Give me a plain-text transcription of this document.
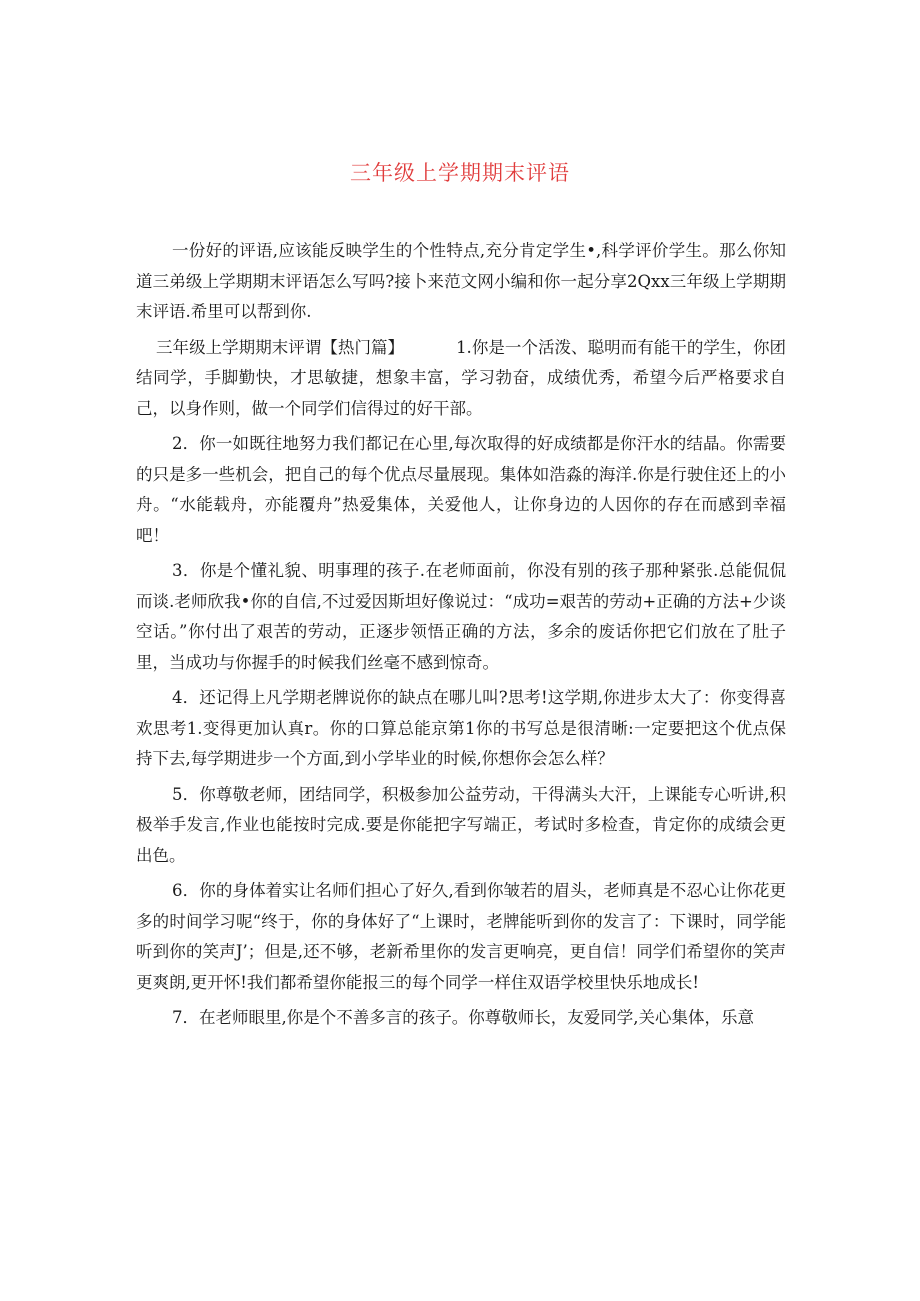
三年级上学期期末评语

一份好的评语,应该能反映学生的个性特点,充分肯定学生•,科学评价学生。那么你知道三弟级上学期期末评语怎么写吗?接卜来范文网小编和你一起分享2Qxx三年级上学期期末评语.希里可以帮到你.

三年级上学期期末评谓【热门篇】	1.你是一个活泼、聪明而有能干的学生，你团结同学，手脚勤快，才思敏捷，想象丰富，学习勃奋，成绩优秀，希望今后严格要求自己，以身作则，做一个同学们信得过的好干部。

2．你一如既往地努力我们都记在心里,每次取得的好成绩都是你汗水的结晶。你需要的只是多一些机会，把自己的每个优点尽量展现。集体如浩淼的海洋.你是行驶住还上的小舟。“水能载舟，亦能覆舟”热爱集体，关爱他人，让你身边的人因你的存在而感到幸福吧！

3．你是个懂礼貌、明事理的孩子.在老师面前，你没有别的孩子那种紧张.总能侃侃而谈.老师欣我•你的自信,不过爱因斯坦好像说过：“成功=艰苦的劳动+正确的方法+少谈空话。”你付出了艰苦的劳动，正逐步领悟正确的方法，多余的废话你把它们放在了肚子里，当成功与你握手的时候我们丝毫不感到惊奇。

4．还记得上凡学期老牌说你的缺点在哪儿叫?思考!这学期,你进步太大了：你变得喜欢思考1.变得更加认真r。你的口算总能京第1你的书写总是很清晰:一定要把这个优点保持下去,每学期进步一个方面,到小学毕业的时候,你想你会怎么样？

5．你尊敬老师，团结同学，积极参加公益劳动，干得满头大汗，上课能专心听讲,积极举手发言,作业也能按时完成.要是你能把字写端正，考试时多检查，肯定你的成绩会更出色。

6．你的身体着实让名师们担心了好久,看到你皱若的眉头，老师真是不忍心让你花更多的时间学习呢“终于，你的身体好了“上课时，老牌能听到你的发言了：下课时，同学能听到你的笑声J’；但是,还不够，老新希里你的发言更响亮，更自信！同学们希望你的笑声更爽朗,更开怀!我们都希望你能报三的每个同学一样住双语学校里快乐地成长!

7．在老师眼里,你是个不善多言的孩子。你尊敬师长，友爱同学,关心集体，乐意
